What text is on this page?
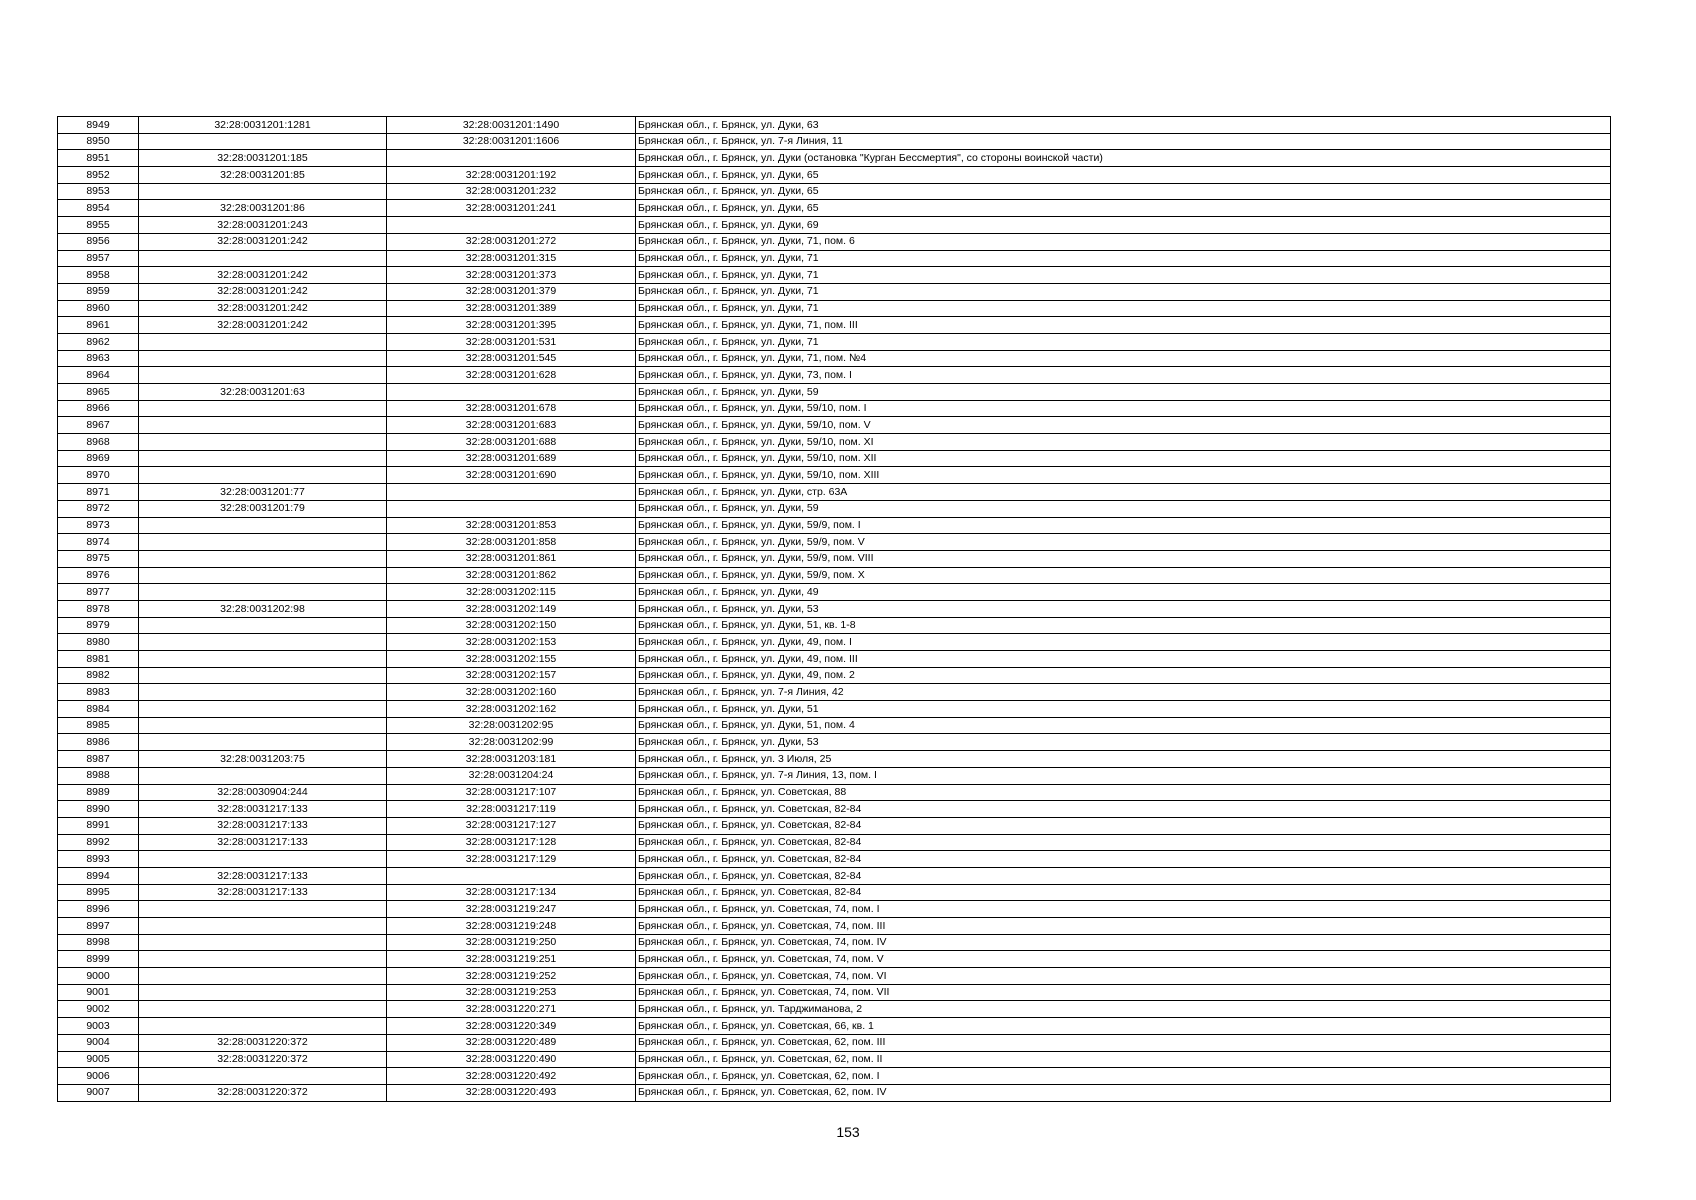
8949	32:28:0031201:1281	32:28:0031201:1490	Брянская обл., г. Брянск, ул. Дуки, 63
8950		32:28:0031201:1606	Брянская обл., г. Брянск, ул. 7-я Линия, 11
8951	32:28:0031201:185		Брянская обл., г. Брянск, ул. Дуки (остановка "Курган Бессмертия", со стороны воинской части)
8952	32:28:0031201:85	32:28:0031201:192	Брянская обл., г. Брянск, ул. Дуки, 65
8953		32:28:0031201:232	Брянская обл., г. Брянск, ул. Дуки, 65
8954	32:28:0031201:86	32:28:0031201:241	Брянская обл., г. Брянск, ул. Дуки, 65
8955	32:28:0031201:243		Брянская обл., г. Брянск, ул. Дуки, 69
8956	32:28:0031201:242	32:28:0031201:272	Брянская обл., г. Брянск, ул. Дуки, 71, пом. 6
8957		32:28:0031201:315	Брянская обл., г. Брянск, ул. Дуки, 71
8958	32:28:0031201:242	32:28:0031201:373	Брянская обл., г. Брянск, ул. Дуки, 71
8959	32:28:0031201:242	32:28:0031201:379	Брянская обл., г. Брянск, ул. Дуки, 71
8960	32:28:0031201:242	32:28:0031201:389	Брянская обл., г. Брянск, ул. Дуки, 71
8961	32:28:0031201:242	32:28:0031201:395	Брянская обл., г. Брянск, ул. Дуки, 71, пом. III
8962		32:28:0031201:531	Брянская обл., г. Брянск, ул. Дуки, 71
8963		32:28:0031201:545	Брянская обл., г. Брянск, ул. Дуки, 71, пом. №4
8964		32:28:0031201:628	Брянская обл., г. Брянск, ул. Дуки, 73, пом. I
8965	32:28:0031201:63		Брянская обл., г. Брянск, ул. Дуки, 59
8966		32:28:0031201:678	Брянская обл., г. Брянск, ул. Дуки, 59/10, пом. I
8967		32:28:0031201:683	Брянская обл., г. Брянск, ул. Дуки, 59/10, пом. V
8968		32:28:0031201:688	Брянская обл., г. Брянск, ул. Дуки, 59/10, пом. XI
8969		32:28:0031201:689	Брянская обл., г. Брянск, ул. Дуки, 59/10, пом. XII
8970		32:28:0031201:690	Брянская обл., г. Брянск, ул. Дуки, 59/10, пом. XIII
8971	32:28:0031201:77		Брянская обл., г. Брянск, ул. Дуки, стр. 63А
8972	32:28:0031201:79		Брянская обл., г. Брянск, ул. Дуки, 59
8973		32:28:0031201:853	Брянская обл., г. Брянск, ул. Дуки, 59/9, пом. I
8974		32:28:0031201:858	Брянская обл., г. Брянск, ул. Дуки, 59/9, пом. V
8975		32:28:0031201:861	Брянская обл., г. Брянск, ул. Дуки, 59/9, пом. VIII
8976		32:28:0031201:862	Брянская обл., г. Брянск, ул. Дуки, 59/9, пом. X
8977		32:28:0031202:115	Брянская обл., г. Брянск, ул. Дуки, 49
8978	32:28:0031202:98	32:28:0031202:149	Брянская обл., г. Брянск, ул. Дуки, 53
8979		32:28:0031202:150	Брянская обл., г. Брянск, ул. Дуки, 51, кв. 1-8
8980		32:28:0031202:153	Брянская обл., г. Брянск, ул. Дуки, 49, пом. I
8981		32:28:0031202:155	Брянская обл., г. Брянск, ул. Дуки, 49, пом. III
8982		32:28:0031202:157	Брянская обл., г. Брянск, ул. Дуки, 49, пом. 2
8983		32:28:0031202:160	Брянская обл., г. Брянск, ул. 7-я Линия, 42
8984		32:28:0031202:162	Брянская обл., г. Брянск, ул. Дуки, 51
8985		32:28:0031202:95	Брянская обл., г. Брянск, ул. Дуки, 51, пом. 4
8986		32:28:0031202:99	Брянская обл., г. Брянск, ул. Дуки, 53
8987	32:28:0031203:75	32:28:0031203:181	Брянская обл., г. Брянск, ул. 3 Июля, 25
8988		32:28:0031204:24	Брянская обл., г. Брянск, ул. 7-я Линия, 13, пом. I
8989	32:28:0030904:244	32:28:0031217:107	Брянская обл., г. Брянск, ул. Советская, 88
8990	32:28:0031217:133	32:28:0031217:119	Брянская обл., г. Брянск, ул. Советская, 82-84
8991	32:28:0031217:133	32:28:0031217:127	Брянская обл., г. Брянск, ул. Советская, 82-84
8992	32:28:0031217:133	32:28:0031217:128	Брянская обл., г. Брянск, ул. Советская, 82-84
8993		32:28:0031217:129	Брянская обл., г. Брянск, ул. Советская, 82-84
8994	32:28:0031217:133		Брянская обл., г. Брянск, ул. Советская, 82-84
8995	32:28:0031217:133	32:28:0031217:134	Брянская обл., г. Брянск, ул. Советская, 82-84
8996		32:28:0031219:247	Брянская обл., г. Брянск, ул. Советская, 74, пом. I
8997		32:28:0031219:248	Брянская обл., г. Брянск, ул. Советская, 74, пом. III
8998		32:28:0031219:250	Брянская обл., г. Брянск, ул. Советская, 74, пом. IV
8999		32:28:0031219:251	Брянская обл., г. Брянск, ул. Советская, 74, пом. V
9000		32:28:0031219:252	Брянская обл., г. Брянск, ул. Советская, 74, пом. VI
9001		32:28:0031219:253	Брянская обл., г. Брянск, ул. Советская, 74, пом. VII
9002		32:28:0031220:271	Брянская обл., г. Брянск, ул. Тарджиманова, 2
9003		32:28:0031220:349	Брянская обл., г. Брянск, ул. Советская, 66, кв. 1
9004	32:28:0031220:372	32:28:0031220:489	Брянская обл., г. Брянск, ул. Советская, 62, пом. III
9005	32:28:0031220:372	32:28:0031220:490	Брянская обл., г. Брянск, ул. Советская, 62, пом. II
9006		32:28:0031220:492	Брянская обл., г. Брянск, ул. Советская, 62, пом. I
9007	32:28:0031220:372	32:28:0031220:493	Брянская обл., г. Брянск, ул. Советская, 62, пом. IV
153
